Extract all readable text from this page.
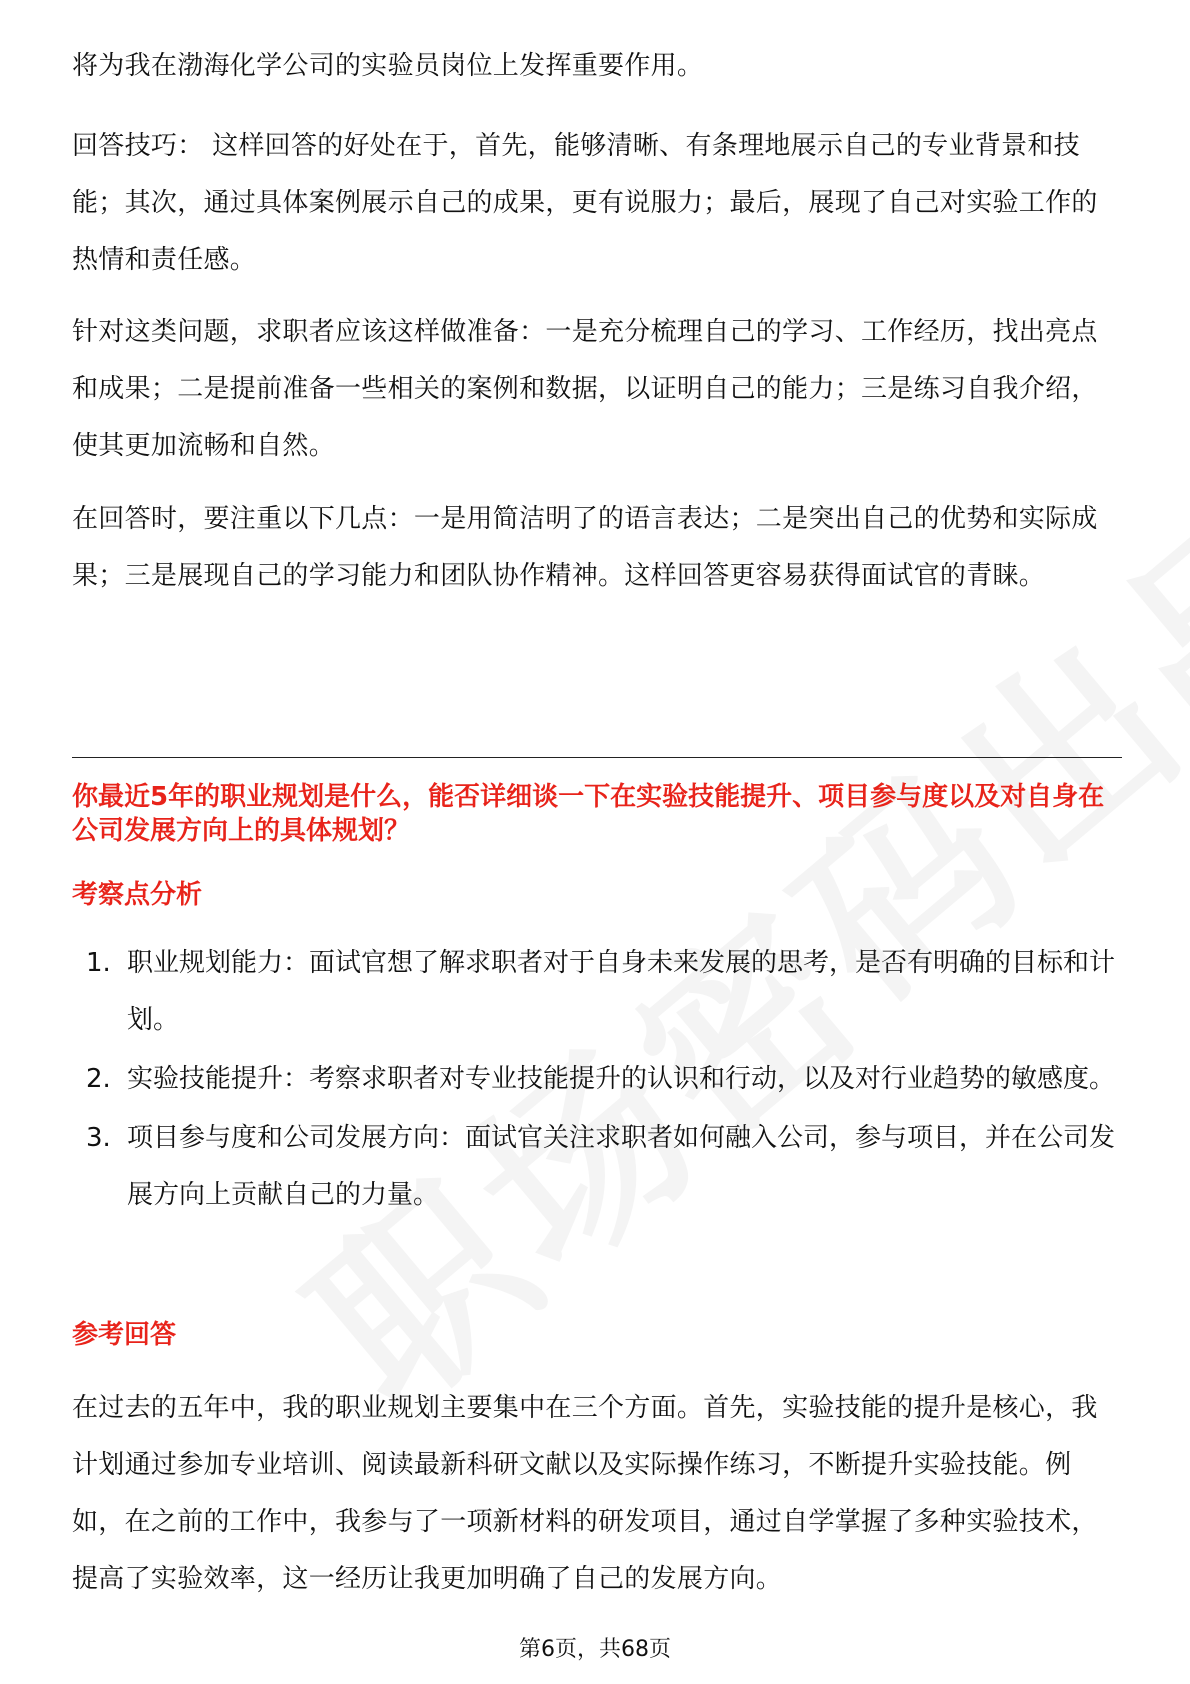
将为我在渤海化学公司的实验员岗位上发挥重要作用。

回答技巧： 这样回答的好处在于，首先，能够清晰、有条理地展示自己的专业背景和技能；其次，通过具体案例展示自己的成果，更有说服力；最后，展现了自己对实验工作的热情和责任感。

针对这类问题，求职者应该这样做准备：一是充分梳理自己的学习、工作经历，找出亮点和成果；二是提前准备一些相关的案例和数据，以证明自己的能力；三是练习自我介绍，使其更加流畅和自然。

在回答时，要注重以下几点：一是用简洁明了的语言表达；二是突出自己的优势和实际成果；三是展现自己的学习能力和团队协作精神。这样回答更容易获得面试官的青睐。

你最近5年的职业规划是什么，能否详细谈一下在实验技能提升、项目参与度以及对自身在公司发展方向上的具体规划？

考察点分析

1. 职业规划能力：面试官想了解求职者对于自身未来发展的思考，是否有明确的目标和计划。
2. 实验技能提升：考察求职者对专业技能提升的认识和行动，以及对行业趋势的敏感度。
3. 项目参与度和公司发展方向：面试官关注求职者如何融入公司，参与项目，并在公司发展方向上贡献自己的力量。

参考回答

在过去的五年中，我的职业规划主要集中在三个方面。首先，实验技能的提升是核心，我计划通过参加专业培训、阅读最新科研文献以及实际操作练习，不断提升实验技能。例如，在之前的工作中，我参与了一项新材料的研发项目，通过自学掌握了多种实验技术，提高了实验效率，这一经历让我更加明确了自己的发展方向。

第6页，共68页
